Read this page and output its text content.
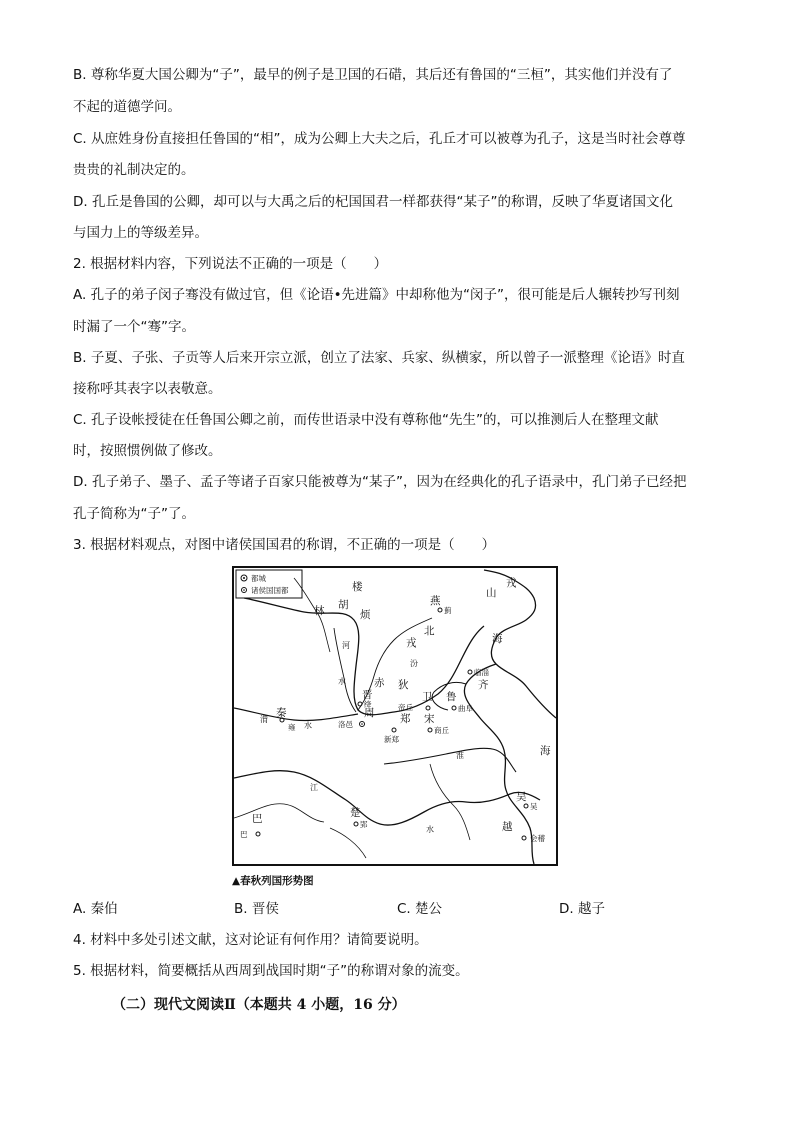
B. 尊称华夏大国公卿为“子”，最早的例子是卫国的石碏，其后还有鲁国的“三桓”，其实他们并没有了
不起的道德学问。
C. 从庶姓身份直接担任鲁国的“相”，成为公卿上大夫之后，孔丘才可以被尊为孔子，这是当时社会尊尊
贵贵的礼制决定的。
D. 孔丘是鲁国的公卿，却可以与大禹之后的杞国国君一样都获得“某子”的称谓，反映了华夏诸国文化
与国力上的等级差异。
2. 根据材料内容，下列说法不正确的一项是（　　）
A. 孔子的弟子闵子骞没有做过官，但《论语•先进篇》中却称他为“闵子”，很可能是后人辗转抄写刊刻
时漏了一个“骞”字。
B. 子夏、子张、子贡等人后来开宗立派，创立了法家、兵家、纵横家，所以曾子一派整理《论语》时直
接称呼其表字以表敬意。
C. 孔子设帐授徒在任鲁国公卿之前，而传世语录中没有尊称他“先生”的，可以推测后人在整理文献
时，按照惯例做了修改。
D. 孔子弟子、墨子、孟子等诸子百家只能被尊为“某子”，因为在经典化的孔子语录中，孔门弟子已经把
孔子简称为“子”了。
3. 根据材料观点，对图中诸侯国国君的称谓，不正确的一项是（　　）
都城
诸侯国国都	楼
烦
林 胡
山
戎
燕
北
戎
赤 狄	齐
鲁
卫
周 郑 宋
秦
晋
巴	楚
吴
越
海
海
蓟
临淄
曲阜
帝丘
绛
洛邑
新郑
商丘
雍
巴
郢
吴
会稽
河
水
汾
渭
水
淮
江
水
▲春秋列国形势图
A. 秦伯	B. 晋侯	C. 楚公	D. 越子
4. 材料中多处引述文献，这对论证有何作用？请简要说明。
5. 根据材料，简要概括从西周到战国时期“子”的称谓对象的流变。
（二）现代文阅读Ⅱ（本题共 4 小题，16 分）
